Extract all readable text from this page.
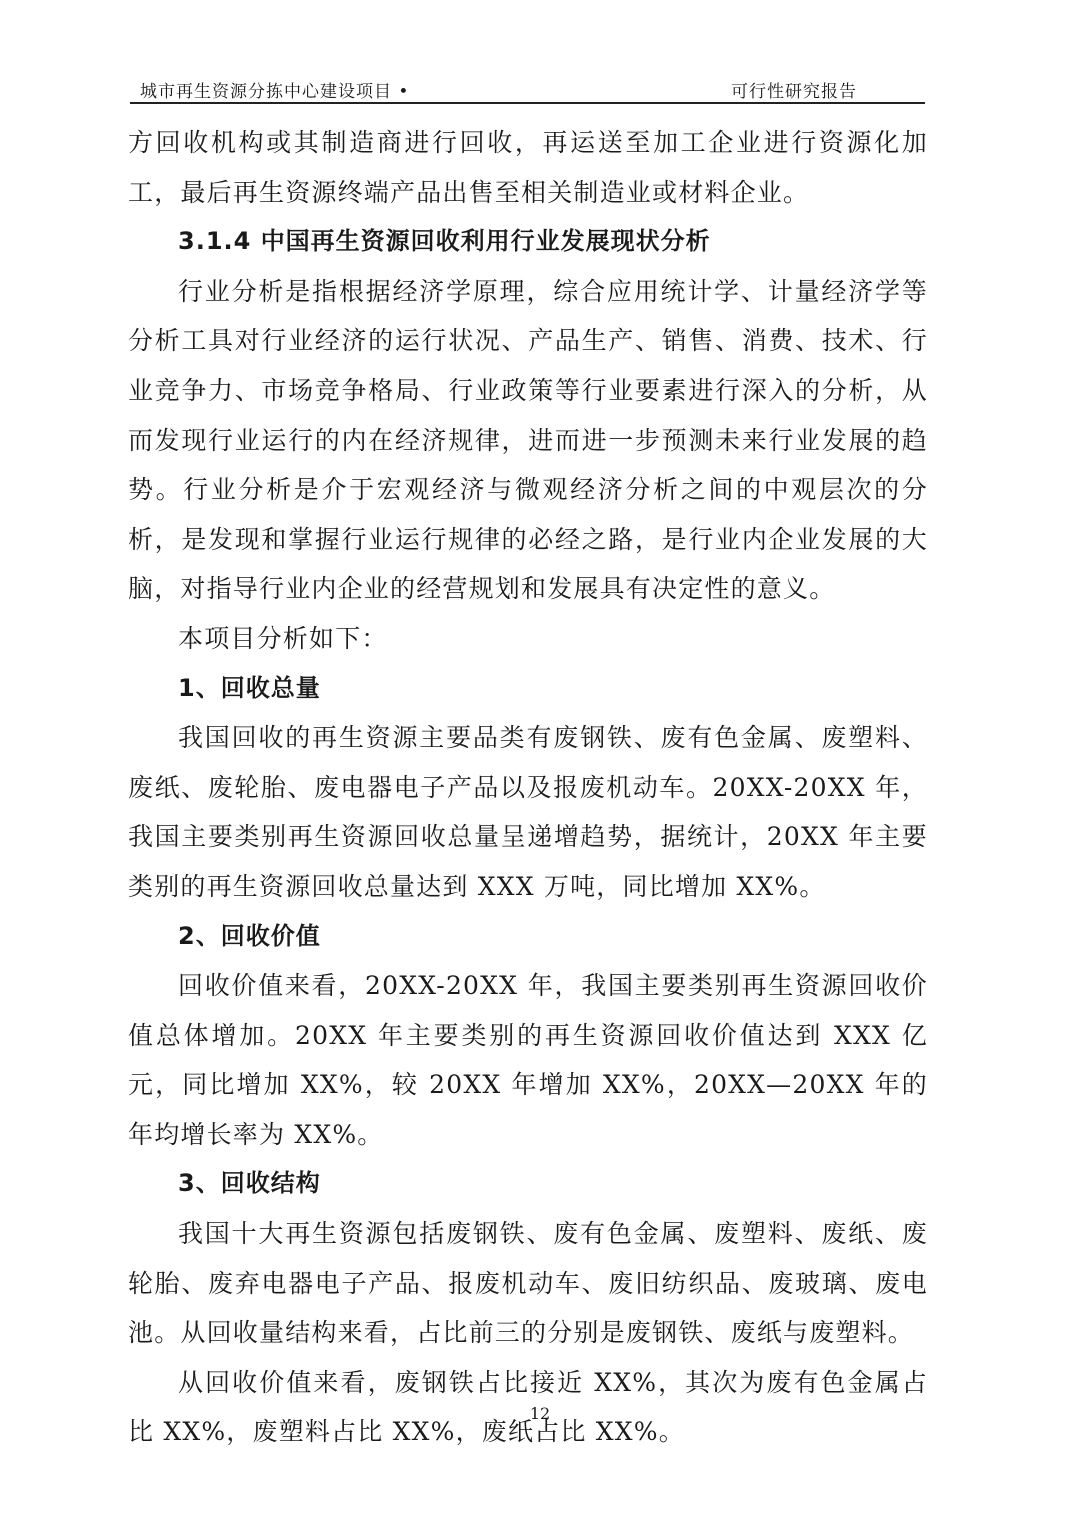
城市再生资源分拣中心建设项目 •	可行性研究报告

方回收机构或其制造商进行回收，再运送至加工企业进行资源化加工，最后再生资源终端产品出售至相关制造业或材料企业。

3.1.4 中国再生资源回收利用行业发展现状分析

行业分析是指根据经济学原理，综合应用统计学、计量经济学等分析工具对行业经济的运行状况、产品生产、销售、消费、技术、行业竞争力、市场竞争格局、行业政策等行业要素进行深入的分析，从而发现行业运行的内在经济规律，进而进一步预测未来行业发展的趋势。行业分析是介于宏观经济与微观经济分析之间的中观层次的分析，是发现和掌握行业运行规律的必经之路，是行业内企业发展的大脑，对指导行业内企业的经营规划和发展具有决定性的意义。

本项目分析如下：

1、回收总量

我国回收的再生资源主要品类有废钢铁、废有色金属、废塑料、废纸、废轮胎、废电器电子产品以及报废机动车。20XX-20XX 年，我国主要类别再生资源回收总量呈递增趋势，据统计，20XX 年主要类别的再生资源回收总量达到 XXX 万吨，同比增加 XX%。

2、回收价值

回收价值来看，20XX-20XX 年，我国主要类别再生资源回收价值总体增加。20XX 年主要类别的再生资源回收价值达到 XXX 亿元，同比增加 XX%，较 20XX 年增加 XX%，20XX—20XX 年的年均增长率为 XX%。

3、回收结构

我国十大再生资源包括废钢铁、废有色金属、废塑料、废纸、废轮胎、废弃电器电子产品、报废机动车、废旧纺织品、废玻璃、废电池。从回收量结构来看，占比前三的分别是废钢铁、废纸与废塑料。

从回收价值来看，废钢铁占比接近 XX%，其次为废有色金属占比 XX%，废塑料占比 XX%，废纸占比 XX%。

12
